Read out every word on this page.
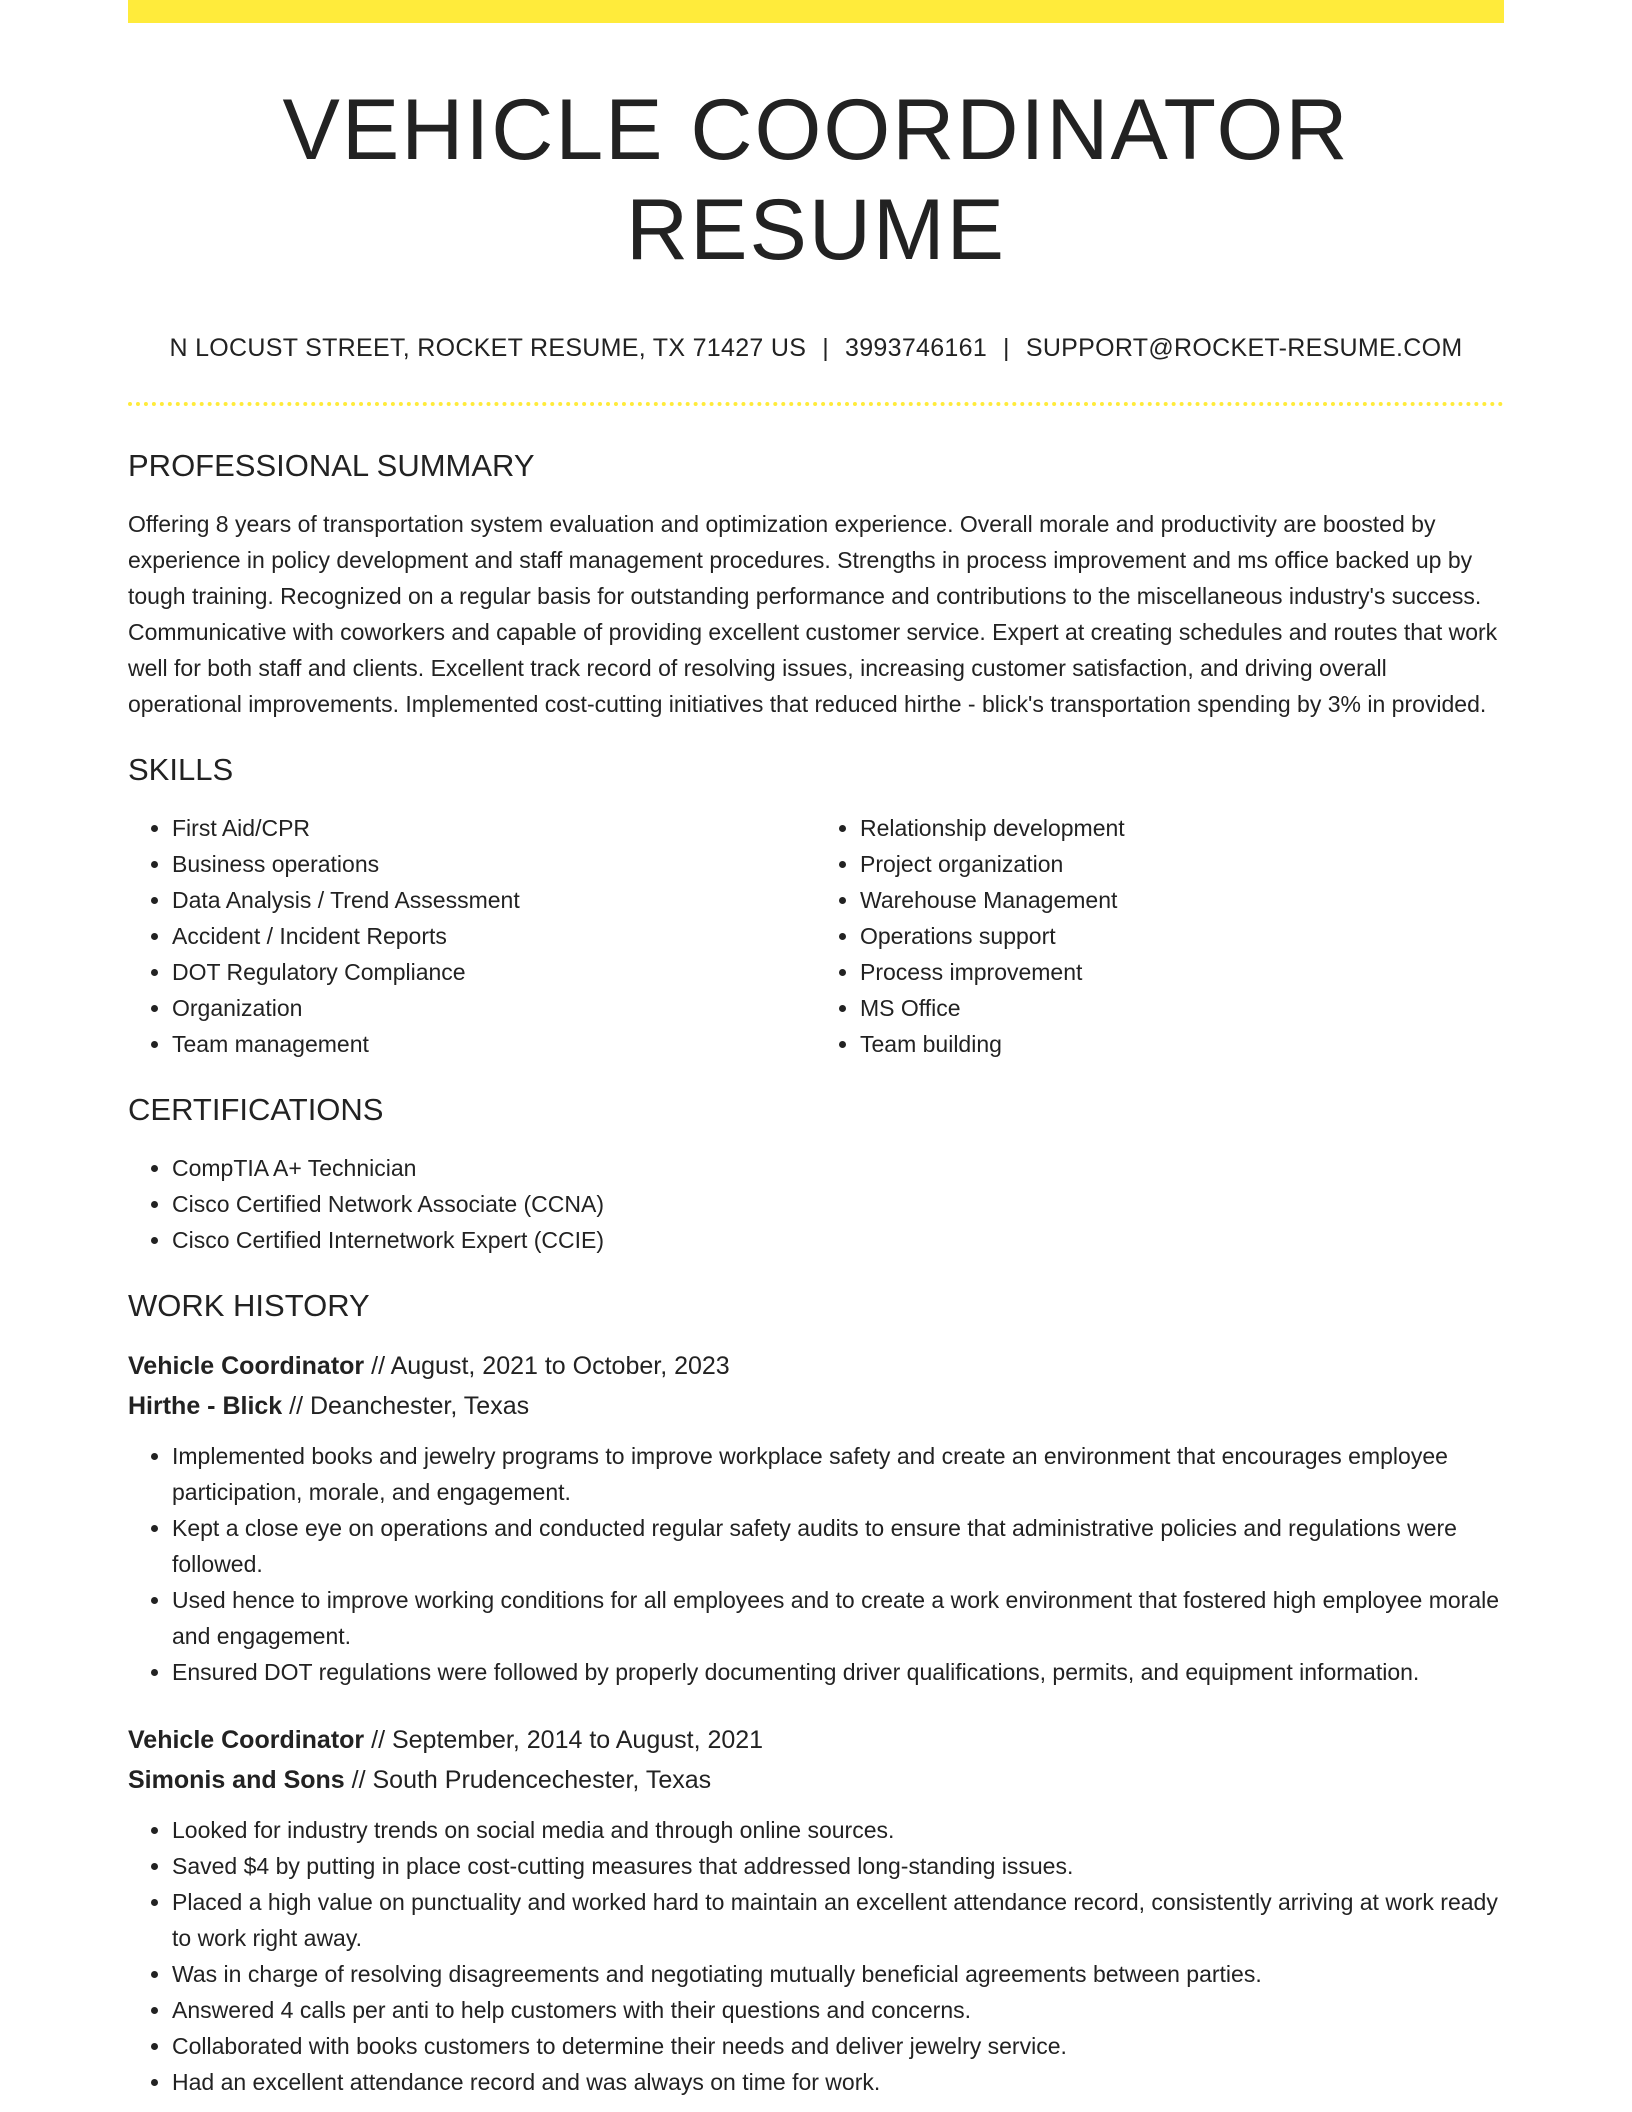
VEHICLE COORDINATOR RESUME
N LOCUST STREET, ROCKET RESUME, TX 71427 US | 3993746161 | SUPPORT@ROCKET-RESUME.COM
PROFESSIONAL SUMMARY

Offering 8 years of transportation system evaluation and optimization experience. Overall morale and productivity are boosted by experience in policy development and staff management procedures. Strengths in process improvement and ms office backed up by tough training. Recognized on a regular basis for outstanding performance and contributions to the miscellaneous industry's success. Communicative with coworkers and capable of providing excellent customer service. Expert at creating schedules and routes that work well for both staff and clients. Excellent track record of resolving issues, increasing customer satisfaction, and driving overall operational improvements. Implemented cost-cutting initiatives that reduced hirthe - blick's transportation spending by 3% in provided.

SKILLS
• First Aid/CPR
• Business operations
• Data Analysis / Trend Assessment
• Accident / Incident Reports
• DOT Regulatory Compliance
• Organization
• Team management
• Relationship development
• Project organization
• Warehouse Management
• Operations support
• Process improvement
• MS Office
• Team building
CERTIFICATIONS
• CompTIA A+ Technician
• Cisco Certified Network Associate (CCNA)
• Cisco Certified Internetwork Expert (CCIE)
WORK HISTORY
Vehicle Coordinator // August, 2021 to October, 2023
Hirthe - Blick // Deanchester, Texas
• Implemented books and jewelry programs to improve workplace safety and create an environment that encourages employee participation, morale, and engagement.
• Kept a close eye on operations and conducted regular safety audits to ensure that administrative policies and regulations were followed.
• Used hence to improve working conditions for all employees and to create a work environment that fostered high employee morale and engagement.
• Ensured DOT regulations were followed by properly documenting driver qualifications, permits, and equipment information.
Vehicle Coordinator // September, 2014 to August, 2021
Simonis and Sons // South Prudencechester, Texas
• Looked for industry trends on social media and through online sources.
• Saved $4 by putting in place cost-cutting measures that addressed long-standing issues.
• Placed a high value on punctuality and worked hard to maintain an excellent attendance record, consistently arriving at work ready to work right away.
• Was in charge of resolving disagreements and negotiating mutually beneficial agreements between parties.
• Answered 4 calls per anti to help customers with their questions and concerns.
• Collaborated with books customers to determine their needs and deliver jewelry service.
• Had an excellent attendance record and was always on time for work.
